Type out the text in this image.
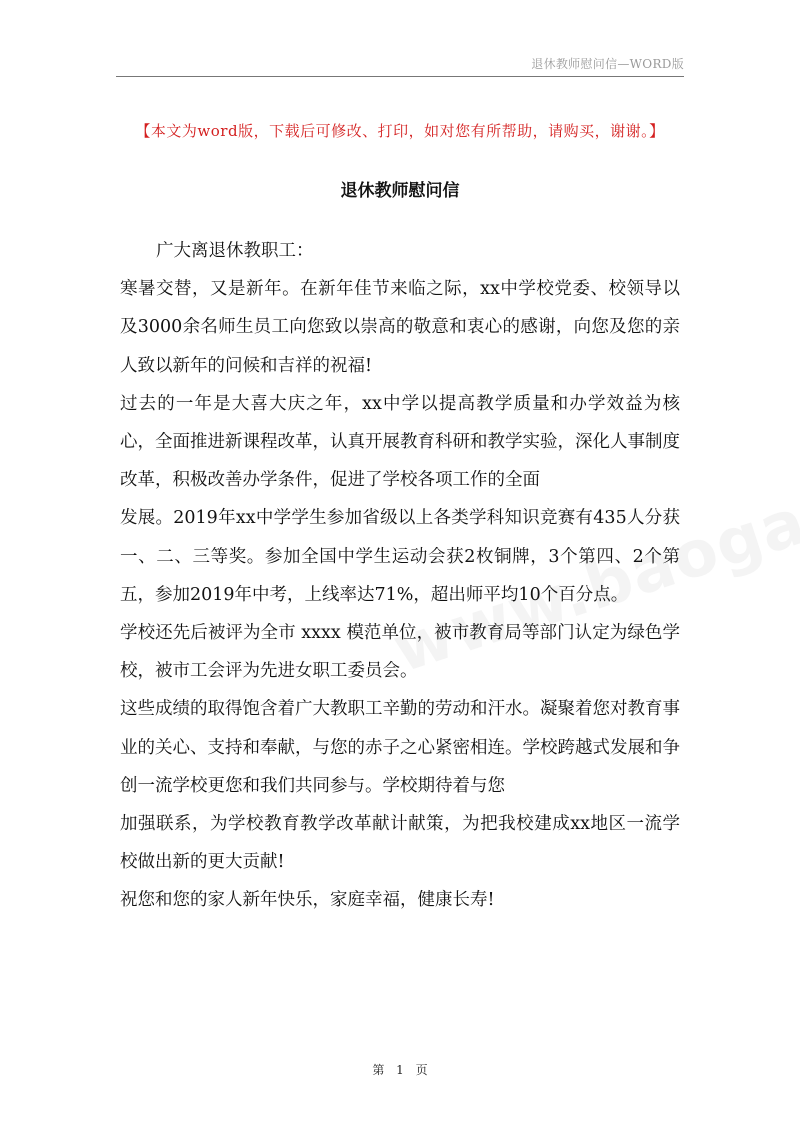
退休教师慰问信—WORD版
【本文为word版，下载后可修改、打印，如对您有所帮助，请购买，谢谢。】
退休教师慰问信

广大离退休教职工：

寒暑交替，又是新年。在新年佳节来临之际，xx中学校党委、校领导以及3000余名师生员工向您致以崇高的敬意和衷心的感谢，向您及您的亲人致以新年的问候和吉祥的祝福!

过去的一年是大喜大庆之年，xx中学以提高教学质量和办学效益为核心，全面推进新课程改革，认真开展教育科研和教学实验，深化人事制度改革，积极改善办学条件，促进了学校各项工作的全面

发展。2019年xx中学学生参加省级以上各类学科知识竞赛有435人分获一、二、三等奖。参加全国中学生运动会获2枚铜牌，3个第四、2个第五，参加2019年中考，上线率达71%，超出师平均10个百分点。

学校还先后被评为全市 xxxx 模范单位，被市教育局等部门认定为绿色学校，被市工会评为先进女职工委员会。

这些成绩的取得饱含着广大教职工辛勤的劳动和汗水。凝聚着您对教育事业的关心、支持和奉献，与您的赤子之心紧密相连。学校跨越式发展和争创一流学校更您和我们共同参与。学校期待着与您

加强联系，为学校教育教学改革献计献策，为把我校建成xx地区一流学校做出新的更大贡献!

祝您和您的家人新年快乐，家庭幸福，健康长寿!

第 1 页
